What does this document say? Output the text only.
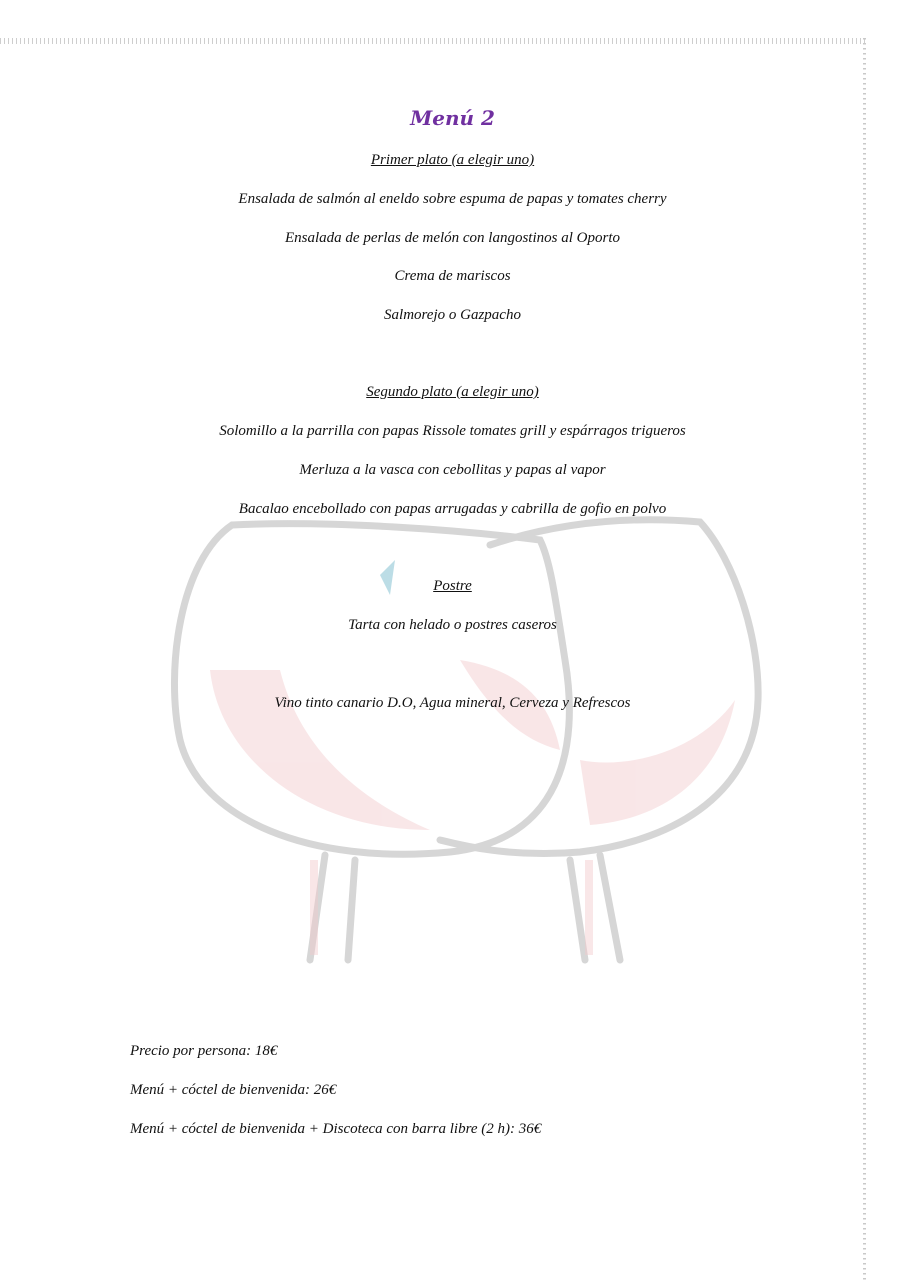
Menú 2
Primer plato (a elegir uno)
Ensalada de salmón al eneldo sobre espuma de papas y tomates cherry
Ensalada de perlas de melón con langostinos al Oporto
Crema de mariscos
Salmorejo o Gazpacho
Segundo plato (a elegir uno)
Solomillo a la parrilla con papas Rissole tomates grill y espárragos trigueros
Merluza a la vasca con cebollitas y papas al vapor
Bacalao encebollado con papas arrugadas y cabrilla de gofio en polvo
Postre
Tarta con helado o postres caseros
Vino tinto canario D.O, Agua mineral, Cerveza y Refrescos
Precio por persona: 18€
Menú + cóctel de bienvenida: 26€
Menú + cóctel de bienvenida + Discoteca con barra libre (2 h): 36€
